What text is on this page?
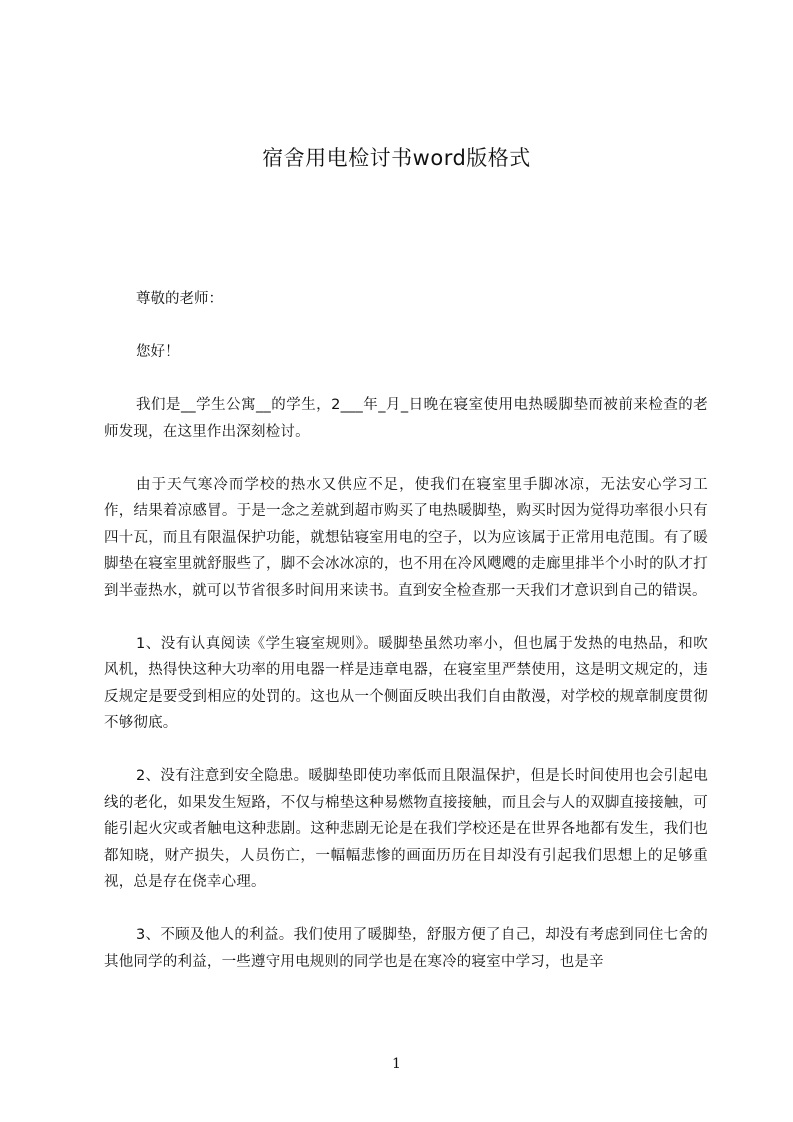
宿舍用电检讨书word版格式

尊敬的老师：

您好！

我们是__学生公寓__的学生，2___年_月_日晚在寝室使用电热暖脚垫而被前来检查的老师发现，在这里作出深刻检讨。

由于天气寒冷而学校的热水又供应不足，使我们在寝室里手脚冰凉，无法安心学习工作，结果着凉感冒。于是一念之差就到超市购买了电热暖脚垫，购买时因为觉得功率很小只有四十瓦，而且有限温保护功能，就想钻寝室用电的空子，以为应该属于正常用电范围。有了暖脚垫在寝室里就舒服些了，脚不会冰冰凉的，也不用在冷风飕飕的走廊里排半个小时的队才打到半壶热水，就可以节省很多时间用来读书。直到安全检查那一天我们才意识到自己的错误。

1、没有认真阅读《学生寝室规则》。暖脚垫虽然功率小，但也属于发热的电热品，和吹风机，热得快这种大功率的用电器一样是违章电器，在寝室里严禁使用，这是明文规定的，违反规定是要受到相应的处罚的。这也从一个侧面反映出我们自由散漫，对学校的规章制度贯彻不够彻底。

2、没有注意到安全隐患。暖脚垫即使功率低而且限温保护，但是长时间使用也会引起电线的老化，如果发生短路，不仅与棉垫这种易燃物直接接触，而且会与人的双脚直接接触，可能引起火灾或者触电这种悲剧。这种悲剧无论是在我们学校还是在世界各地都有发生，我们也都知晓，财产损失，人员伤亡，一幅幅悲惨的画面历历在目却没有引起我们思想上的足够重视，总是存在侥幸心理。

3、不顾及他人的利益。我们使用了暖脚垫，舒服方便了自己，却没有考虑到同住七舍的其他同学的利益，一些遵守用电规则的同学也是在寒冷的寝室中学习，也是辛

1
